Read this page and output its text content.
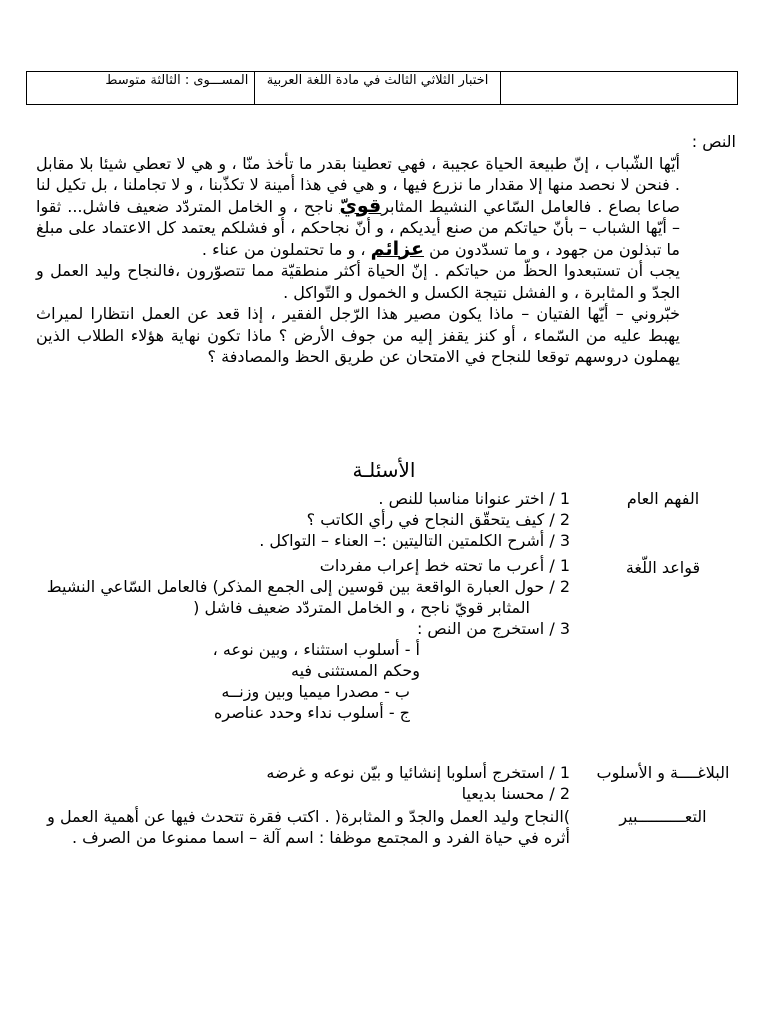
اختبار الثلاثي الثالث في مادة اللغة العربية
المســـوى : الثالثة متوسط

النص :

أيّها الشّباب ، إنّ طبيعة الحياة عجيبة ، فهي تعطينا بقدر ما تأخذ منّا ، و هي لا تعطي شيئا بلا مقابل . فنحن لا نحصد منها إلا مقدار ما نزرع فيها ، و هي في هذا أمينة لا تكذّبنا ، و لا تجاملنا ، بل تكيل لنا صاعا بصاع . فالعامل السّاعي النشيط المثابرقويّ ناجح ، و الخامل المتردّد ضعيف فاشل... ثقوا – أيّها الشباب – بأنّ حياتكم من صنع أيديكم ، و أنّ نجاحكم ، أو فشلكم يعتمد كل الاعتماد على مبلغ ما تبذلون من جهود ، و ما تسدّدون من عزائم ، و ما تحتملون من عناء .

يجب أن تستبعدوا الحظّ من حياتكم . إنّ الحياة أكثر منطقيّة مما تتصوّرون ،فالنجاح وليد العمل و الجدّ و المثابرة ، و الفشل نتيجة الكسل و الخمول و التّواكل .

خبّروني – أيّها الفتيان – ماذا يكون مصير هذا الرّجل الفقير ، إذا قعد عن العمل انتظارا لميراث يهبط عليه من السّماء ، أو كنز يقفز إليه من جوف الأرض ؟ ماذا تكون نهاية هؤلاء الطلاب الذين يهملون دروسهم توقعا للنجاح في الامتحان عن طريق الحظ والمصادفة ؟

الأسئلـة
الفهم العام
1 / اختر عنوانا مناسبا للنص .
2 / كيف يتحقّق النجاح في رأي الكاتب ؟
3 / أشرح الكلمتين التاليتين :– العناء – التواكل .
قواعد اللّغة
1 / أعرب ما تحته خط إعراب مفردات
2 / حول العبارة الواقعة بين قوسين إلى الجمع المذكر) فالعامل السّاعي النشيط
المثابر قويّ ناجح ، و الخامل المتردّد ضعيف فاشل (
3 / استخرج من النص :
أ - أسلوب استثناء ، وبين نوعه ، وحكم المستثنى فيه
ب - مصدرا ميميا وبين وزنــه
ج - أسلوب نداء وحدد عناصره
البلاغــــة و الأسلوب
1 / استخرج أسلوبا إنشائيا و بيّن نوعه و غرضه
2 / محسنا بديعيا
التعــــــــــبير
)النجاح وليد العمل والجدّ و المثابرة( . اكتب فقرة تتحدث فيها عن أهمية العمل و أثره في حياة الفرد و المجتمع موظفا : اسم آلة – اسما ممنوعا من الصرف .
